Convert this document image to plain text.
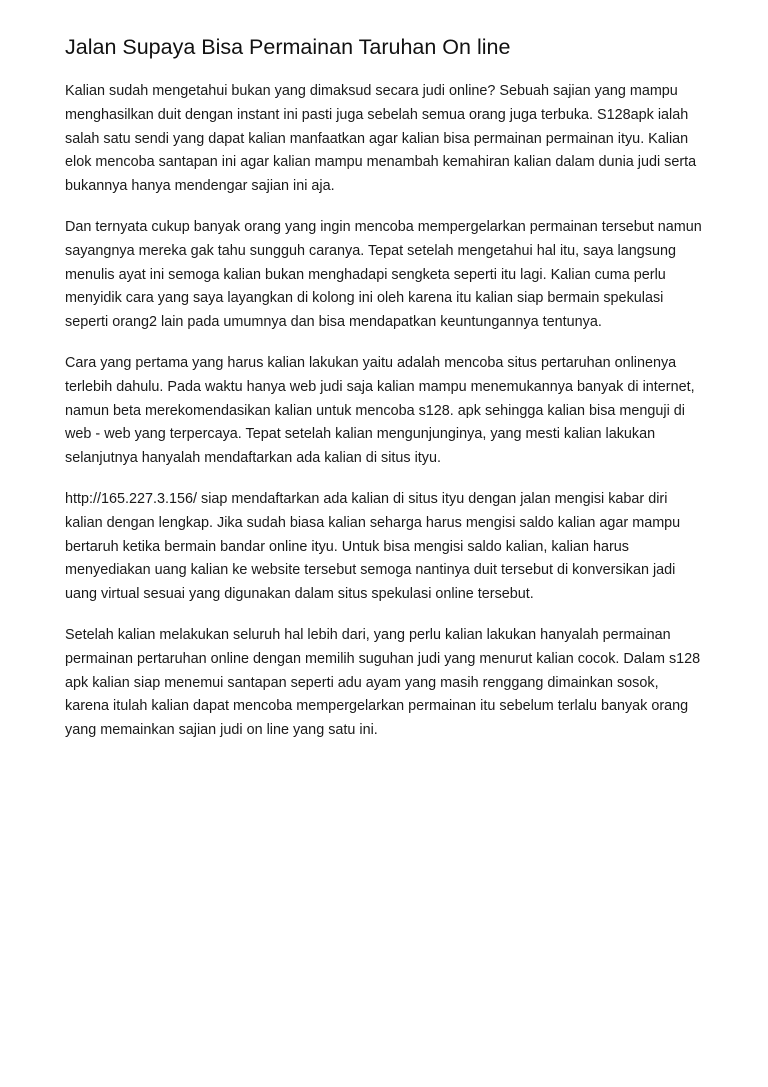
Jalan Supaya Bisa Permainan Taruhan On line

Kalian sudah mengetahui bukan yang dimaksud secara judi online? Sebuah sajian yang mampu menghasilkan duit dengan instant ini pasti juga sebelah semua orang juga terbuka. S128apk ialah salah satu sendi yang dapat kalian manfaatkan agar kalian bisa permainan permainan ityu. Kalian elok mencoba santapan ini agar kalian mampu menambah kemahiran kalian dalam dunia judi serta bukannya hanya mendengar sajian ini aja.

Dan ternyata cukup banyak orang yang ingin mencoba mempergelarkan permainan tersebut namun sayangnya mereka gak tahu sungguh caranya. Tepat setelah mengetahui hal itu, saya langsung menulis ayat ini semoga kalian bukan menghadapi sengketa seperti itu lagi. Kalian cuma perlu menyidik cara yang saya layangkan di kolong ini oleh karena itu kalian siap bermain spekulasi seperti orang2 lain pada umumnya dan bisa mendapatkan keuntungannya tentunya.

Cara yang pertama yang harus kalian lakukan yaitu adalah mencoba situs pertaruhan onlinenya terlebih dahulu. Pada waktu hanya web judi saja kalian mampu menemukannya banyak di internet, namun beta merekomendasikan kalian untuk mencoba s128. apk sehingga kalian bisa menguji di web - web yang terpercaya. Tepat setelah kalian mengunjunginya, yang mesti kalian lakukan selanjutnya hanyalah mendaftarkan ada kalian di situs ityu.

http://165.227.3.156/ siap mendaftarkan ada kalian di situs ityu dengan jalan mengisi kabar diri kalian dengan lengkap. Jika sudah biasa kalian seharga harus mengisi saldo kalian agar mampu bertaruh ketika bermain bandar online ityu. Untuk bisa mengisi saldo kalian, kalian harus menyediakan uang kalian ke website tersebut semoga nantinya duit tersebut di konversikan jadi uang virtual sesuai yang digunakan dalam situs spekulasi online tersebut.

Setelah kalian melakukan seluruh hal lebih dari, yang perlu kalian lakukan hanyalah permainan permainan pertaruhan online dengan memilih suguhan judi yang menurut kalian cocok. Dalam s128 apk kalian siap menemui santapan seperti adu ayam yang masih renggang dimainkan sosok, karena itulah kalian dapat mencoba mempergelarkan permainan itu sebelum terlalu banyak orang yang memainkan sajian judi on line yang satu ini.
